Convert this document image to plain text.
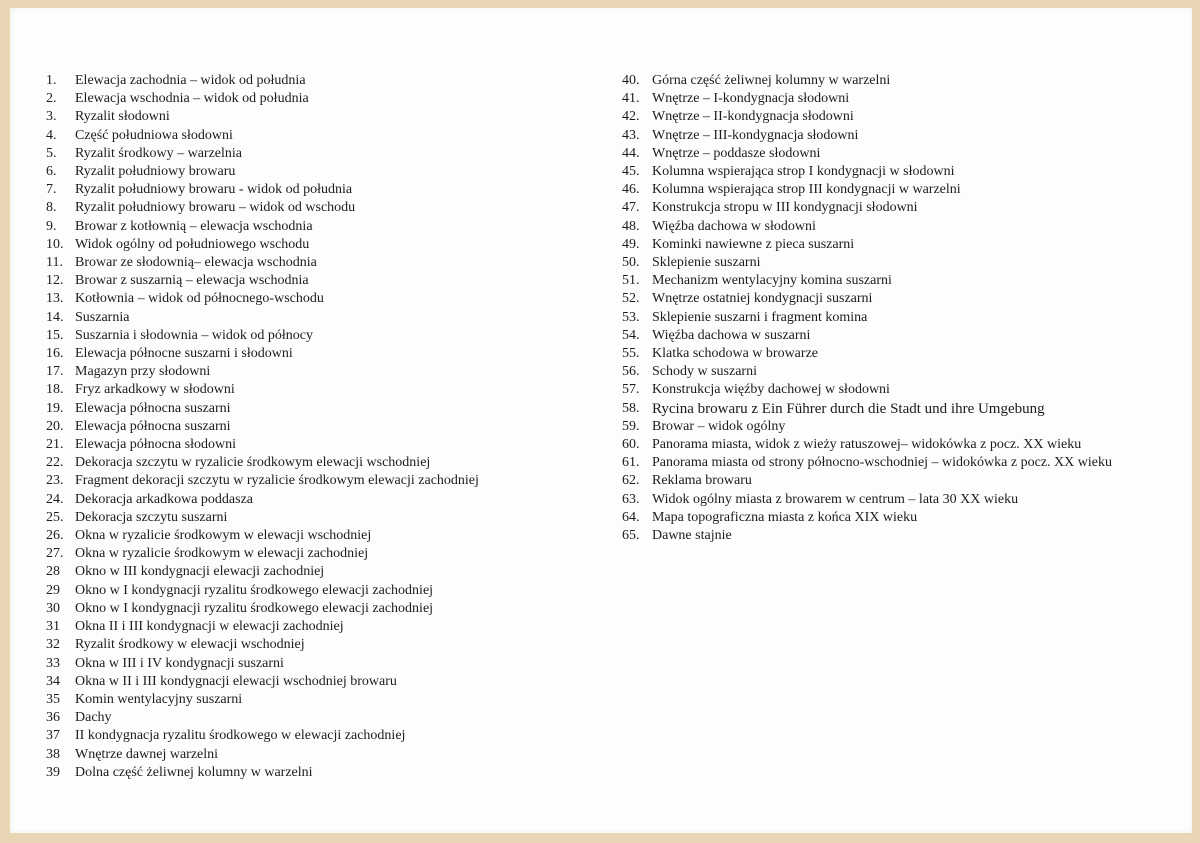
1.	Elewacja zachodnia – widok od południa
2.	Elewacja wschodnia – widok od południa
3.	Ryzalit słodowni
4.	Część południowa słodowni
5.	Ryzalit środkowy – warzelnia
6.	Ryzalit południowy browaru
7.	Ryzalit południowy browaru - widok od południa
8.	Ryzalit południowy browaru – widok od wschodu
9.	Browar z kotłownią – elewacja wschodnia
10. Widok ogólny od południowego wschodu
11. Browar ze słodownią– elewacja wschodnia
12. Browar z suszarnią – elewacja wschodnia
13. Kotłownia – widok od północnego-wschodu
14. Suszarnia
15. Suszarnia i słodownia – widok od północy
16. Elewacja północne suszarni i słodowni
17. Magazyn przy słodowni
18. Fryz arkadkowy w słodowni
19. Elewacja północna suszarni
20. Elewacja północna suszarni
21. Elewacja północna słodowni
22. Dekoracja szczytu w ryzalicie środkowym elewacji wschodniej
23. Fragment dekoracji szczytu w ryzalicie środkowym elewacji zachodniej
24. Dekoracja arkadkowa poddasza
25. Dekoracja szczytu suszarni
26. Okna w ryzalicie środkowym w elewacji wschodniej
27. Okna w ryzalicie środkowym w elewacji zachodniej
28	Okno w III kondygnacji elewacji zachodniej
29	Okno w I kondygnacji ryzalitu środkowego elewacji zachodniej
30	Okno w I kondygnacji ryzalitu środkowego elewacji zachodniej
31	Okna II i III kondygnacji w elewacji zachodniej
32	Ryzalit środkowy w elewacji wschodniej
33	Okna w III i IV kondygnacji suszarni
34	Okna w II i III kondygnacji elewacji wschodniej browaru
35	Komin wentylacyjny suszarni
36	Dachy
37	II kondygnacja ryzalitu środkowego w elewacji zachodniej
38	Wnętrze dawnej warzelni
39	Dolna część żeliwnej kolumny w warzelni
40. Górna część żeliwnej kolumny w warzelni
41. Wnętrze – I-kondygnacja słodowni
42. Wnętrze – II-kondygnacja słodowni
43. Wnętrze – III-kondygnacja słodowni
44. Wnętrze – poddasze słodowni
45. Kolumna wspierająca strop I kondygnacji w słodowni
46. Kolumna wspierająca strop III kondygnacji w warzelni
47. Konstrukcja stropu w III kondygnacji słodowni
48. Więźba dachowa w słodowni
49. Kominki nawiewne z pieca suszarni
50. Sklepienie suszarni
51. Mechanizm wentylacyjny komina suszarni
52. Wnętrze ostatniej kondygnacji suszarni
53. Sklepienie suszarni i fragment komina
54. Więźba dachowa w suszarni
55. Klatka schodowa w browarze
56. Schody w suszarni
57. Konstrukcja więźby dachowej w słodowni
58. Rycina browaru z Ein Führer durch die Stadt und ihre Umgebung
59. Browar – widok ogólny
60. Panorama miasta, widok z wieży ratuszowej– widokówka z pocz. XX wieku
61. Panorama miasta od strony północno-wschodniej – widokówka z pocz. XX wieku
62. Reklama browaru
63. Widok ogólny miasta z browarem w centrum – lata 30 XX wieku
64. Mapa topograficzna miasta z końca XIX wieku
65. Dawne stajnie
